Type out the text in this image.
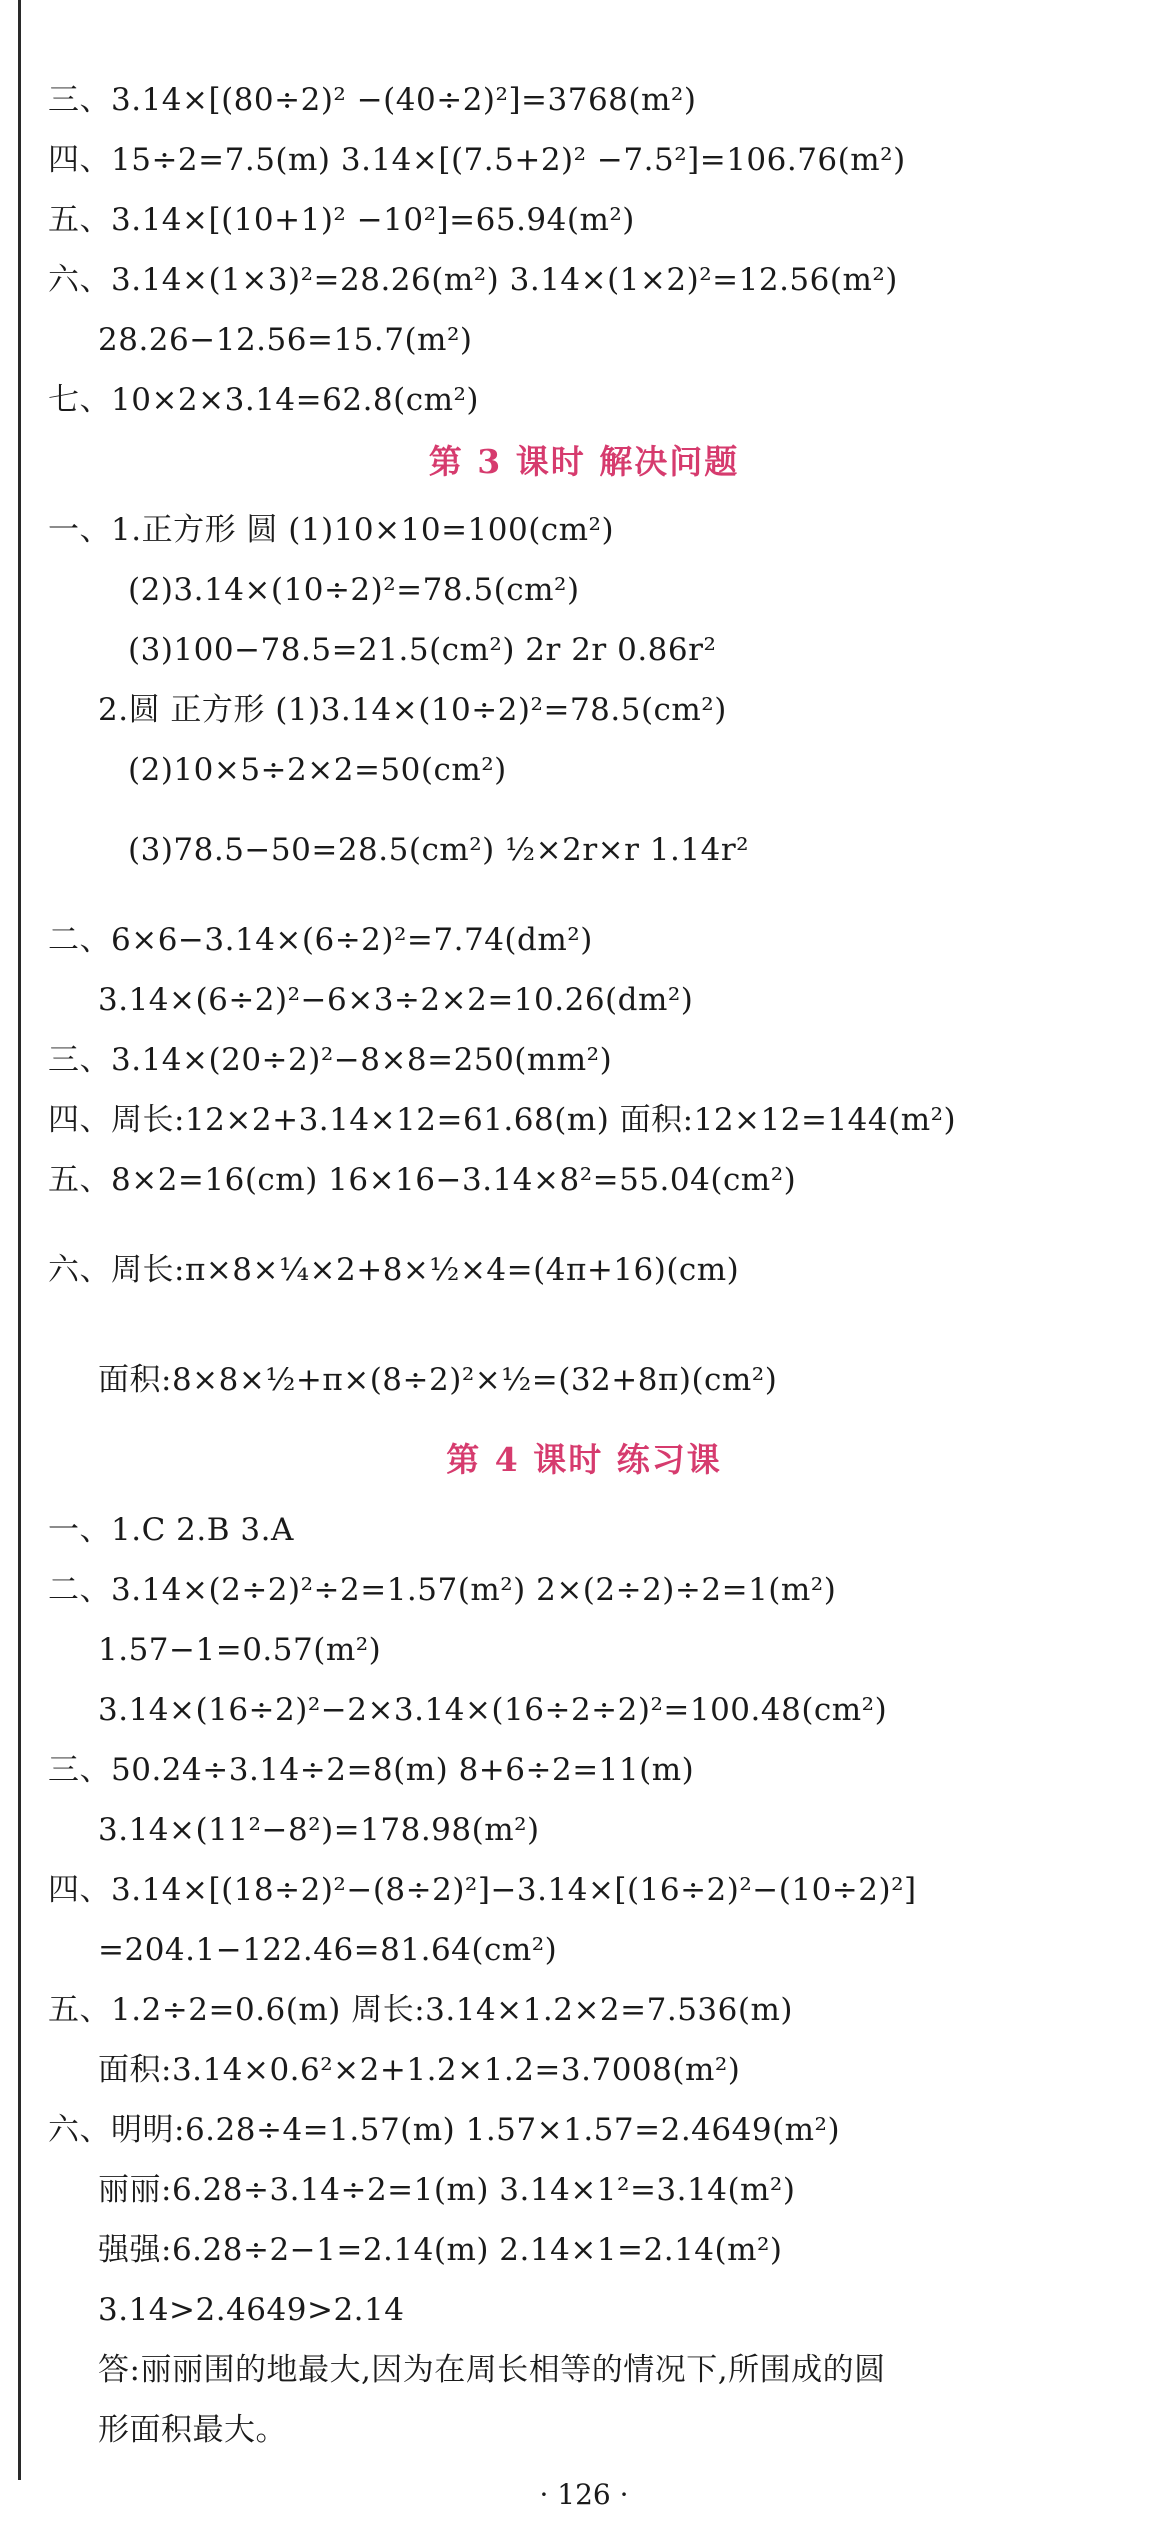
三、3.14×[(80÷2)² −(40÷2)²]=3768(m²)
四、15÷2=7.5(m) 3.14×[(7.5+2)² −7.5²]=106.76(m²)
五、3.14×[(10+1)² −10²]=65.94(m²)
六、3.14×(1×3)²=28.26(m²) 3.14×(1×2)²=12.56(m²)
28.26−12.56=15.7(m²)
七、10×2×3.14=62.8(cm²)
第 3 课时 解决问题
一、1.正方形 圆 (1)10×10=100(cm²)
(2)3.14×(10÷2)²=78.5(cm²)
(3)100−78.5=21.5(cm²) 2r 2r 0.86r²
2.圆 正方形 (1)3.14×(10÷2)²=78.5(cm²)
(2)10×5÷2×2=50(cm²)
(3)78.5−50=28.5(cm²) ½×2r×r 1.14r²
二、6×6−3.14×(6÷2)²=7.74(dm²)
3.14×(6÷2)²−6×3÷2×2=10.26(dm²)
三、3.14×(20÷2)²−8×8=250(mm²)
四、周长:12×2+3.14×12=61.68(m) 面积:12×12=144(m²)
五、8×2=16(cm) 16×16−3.14×8²=55.04(cm²)
六、周长:π×8×¼×2+8×½×4=(4π+16)(cm)
面积:8×8×½+π×(8÷2)²×½=(32+8π)(cm²)
第 4 课时 练习课
一、1.C 2.B 3.A
二、3.14×(2÷2)²÷2=1.57(m²) 2×(2÷2)÷2=1(m²)
1.57−1=0.57(m²)
3.14×(16÷2)²−2×3.14×(16÷2÷2)²=100.48(cm²)
三、50.24÷3.14÷2=8(m) 8+6÷2=11(m)
3.14×(11²−8²)=178.98(m²)
四、3.14×[(18÷2)²−(8÷2)²]−3.14×[(16÷2)²−(10÷2)²]
=204.1−122.46=81.64(cm²)
五、1.2÷2=0.6(m) 周长:3.14×1.2×2=7.536(m)
面积:3.14×0.6²×2+1.2×1.2=3.7008(m²)
六、明明:6.28÷4=1.57(m) 1.57×1.57=2.4649(m²)
丽丽:6.28÷3.14÷2=1(m) 3.14×1²=3.14(m²)
强强:6.28÷2−1=2.14(m) 2.14×1=2.14(m²)
3.14>2.4649>2.14
答:丽丽围的地最大,因为在周长相等的情况下,所围成的圆
形面积最大。
· 126 ·
